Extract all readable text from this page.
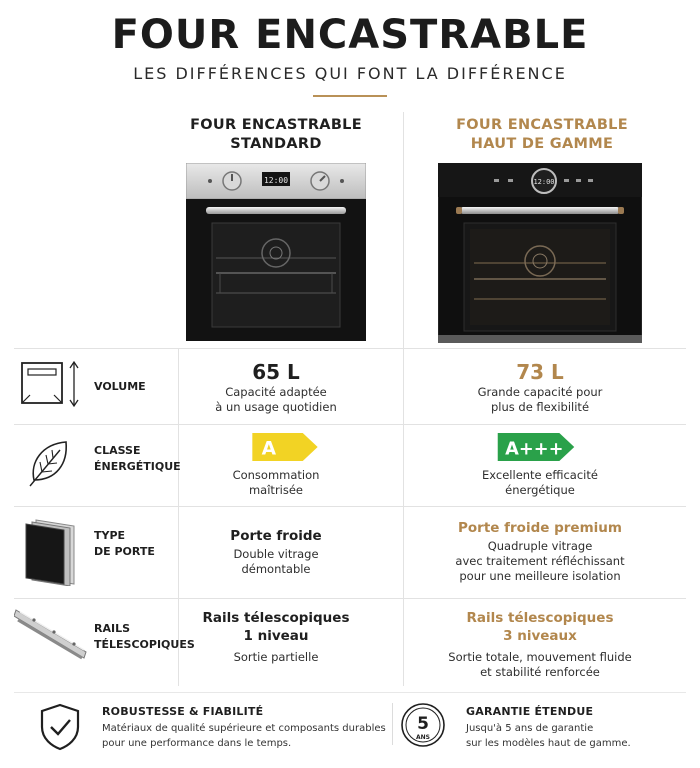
FOUR ENCASTRABLE
LES DIFFÉRENCES QUI FONT LA DIFFÉRENCE
FOUR ENCASTRABLE
STANDARD
FOUR ENCASTRABLE
HAUT DE GAMME
12:00	12:00
VOLUME
65 L
Capacité adaptée
à un usage quotidien
73 L
Grande capacité pour
plus de flexibilité
CLASSE
ÉNERGÉTIQUE
A
Consommation
maîtrisée
A+++
Excellente efficacité
énergétique
TYPE
DE PORTE
Porte froide
Double vitrage
démontable
Porte froide premium
Quadruple vitrage
avec traitement réfléchissant
pour une meilleure isolation
RAILS
TÉLESCOPIQUES
Rails télescopiques
1 niveau
Sortie partielle
Rails télescopiques
3 niveaux
Sortie totale, mouvement fluide
et stabilité renforcée
ROBUSTESSE & FIABILITÉ
Matériaux de qualité supérieure et composants durables
pour une performance dans le temps.
5
ANS
GARANTIE ÉTENDUE
Jusqu'à 5 ans de garantie
sur les modèles haut de gamme.
